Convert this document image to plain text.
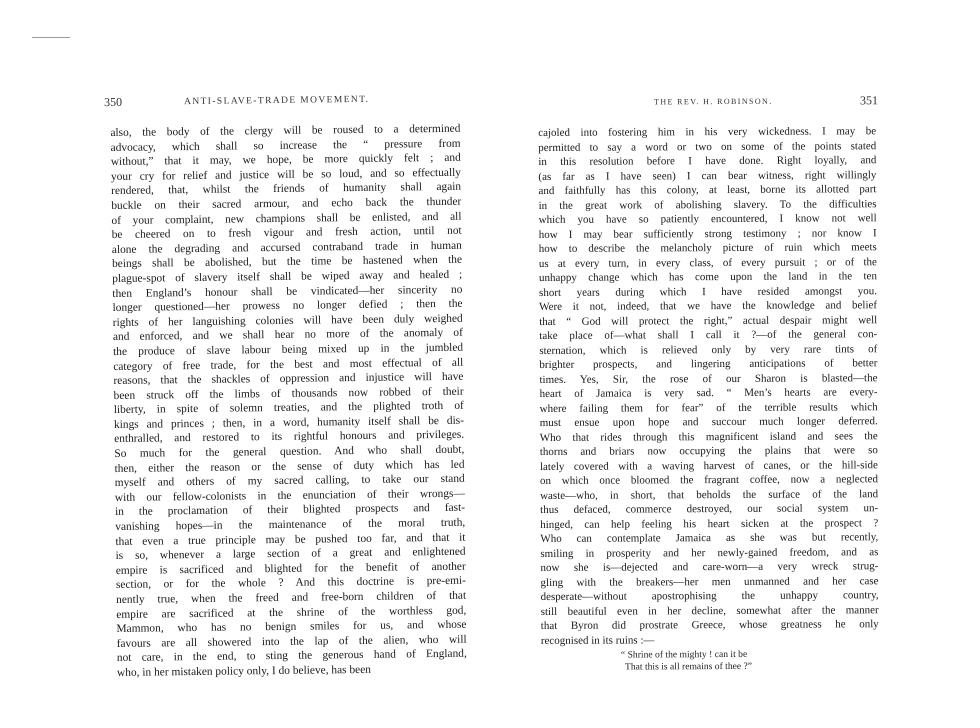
350	ANTI-SLAVE-TRADE MOVEMENT.
also, the body of the clergy will be roused to a determined
advocacy, which shall so increase the “ pressure from
without,” that it may, we hope, be more quickly felt ; and
your cry for relief and justice will be so loud, and so effectually
rendered, that, whilst the friends of humanity shall again
buckle on their sacred armour, and echo back the thunder
of your complaint, new champions shall be enlisted, and all
be cheered on to fresh vigour and fresh action, until not
alone the degrading and accursed contraband trade in human
beings shall be abolished, but the time be hastened when the
plague-spot of slavery itself shall be wiped away and healed ;
then England’s honour shall be vindicated—her sincerity no
longer questioned—her prowess no longer defied ; then the
rights of her languishing colonies will have been duly weighed
and enforced, and we shall hear no more of the anomaly of
the produce of slave labour being mixed up in the jumbled
category of free trade, for the best and most effectual of all
reasons, that the shackles of oppression and injustice will have
been struck off the limbs of thousands now robbed of their
liberty, in spite of solemn treaties, and the plighted troth of
kings and princes ; then, in a word, humanity itself shall be dis-
enthralled, and restored to its rightful honours and privileges.
So much for the general question. And who shall doubt,
then, either the reason or the sense of duty which has led
myself and others of my sacred calling, to take our stand
with our fellow-colonists in the enunciation of their wrongs—
in the proclamation of their blighted prospects and fast-
vanishing hopes—in the maintenance of the moral truth,
that even a true principle may be pushed too far, and that it
is so, whenever a large section of a great and enlightened
empire is sacrificed and blighted for the benefit of another
section, or for the whole ? And this doctrine is pre-emi-
nently true, when the freed and free-born children of that
empire are sacrificed at the shrine of the worthless god,
Mammon, who has no benign smiles for us, and whose
favours are all showered into the lap of the alien, who will
not care, in the end, to sting the generous hand of England,
who, in her mistaken policy only, I do believe, has been
THE REV. H. ROBINSON.	351
cajoled into fostering him in his very wickedness. I may be
permitted to say a word or two on some of the points stated
in this resolution before I have done. Right loyally, and
(as far as I have seen) I can bear witness, right willingly
and faithfully has this colony, at least, borne its allotted part
in the great work of abolishing slavery. To the difficulties
which you have so patiently encountered, I know not well
how I may bear sufficiently strong testimony ; nor know I
how to describe the melancholy picture of ruin which meets
us at every turn, in every class, of every pursuit ; or of the
unhappy change which has come upon the land in the ten
short years during which I have resided amongst you.
Were it not, indeed, that we have the knowledge and belief
that “ God will protect the right,” actual despair might well
take place of—what shall I call it ?—of the general con-
sternation, which is relieved only by very rare tints of
brighter prospects, and lingering anticipations of better
times. Yes, Sir, the rose of our Sharon is blasted—the
heart of Jamaica is very sad. “ Men’s hearts are every-
where failing them for fear” of the terrible results which
must ensue upon hope and succour much longer deferred.
Who that rides through this magnificent island and sees the
thorns and briars now occupying the plains that were so
lately covered with a waving harvest of canes, or the hill-side
on which once bloomed the fragrant coffee, now a neglected
waste—who, in short, that beholds the surface of the land
thus defaced, commerce destroyed, our social system un-
hinged, can help feeling his heart sicken at the prospect ?
Who can contemplate Jamaica as she was but recently,
smiling in prosperity and her newly-gained freedom, and as
now she is—dejected and care-worn—a very wreck strug-
gling with the breakers—her men unmanned and her case
desperate—without apostrophising the unhappy country,
still beautiful even in her decline, somewhat after the manner
that Byron did prostrate Greece, whose greatness he only
recognised in its ruins :—
“ Shrine of the mighty ! can it be
That this is all remains of thee ?”
